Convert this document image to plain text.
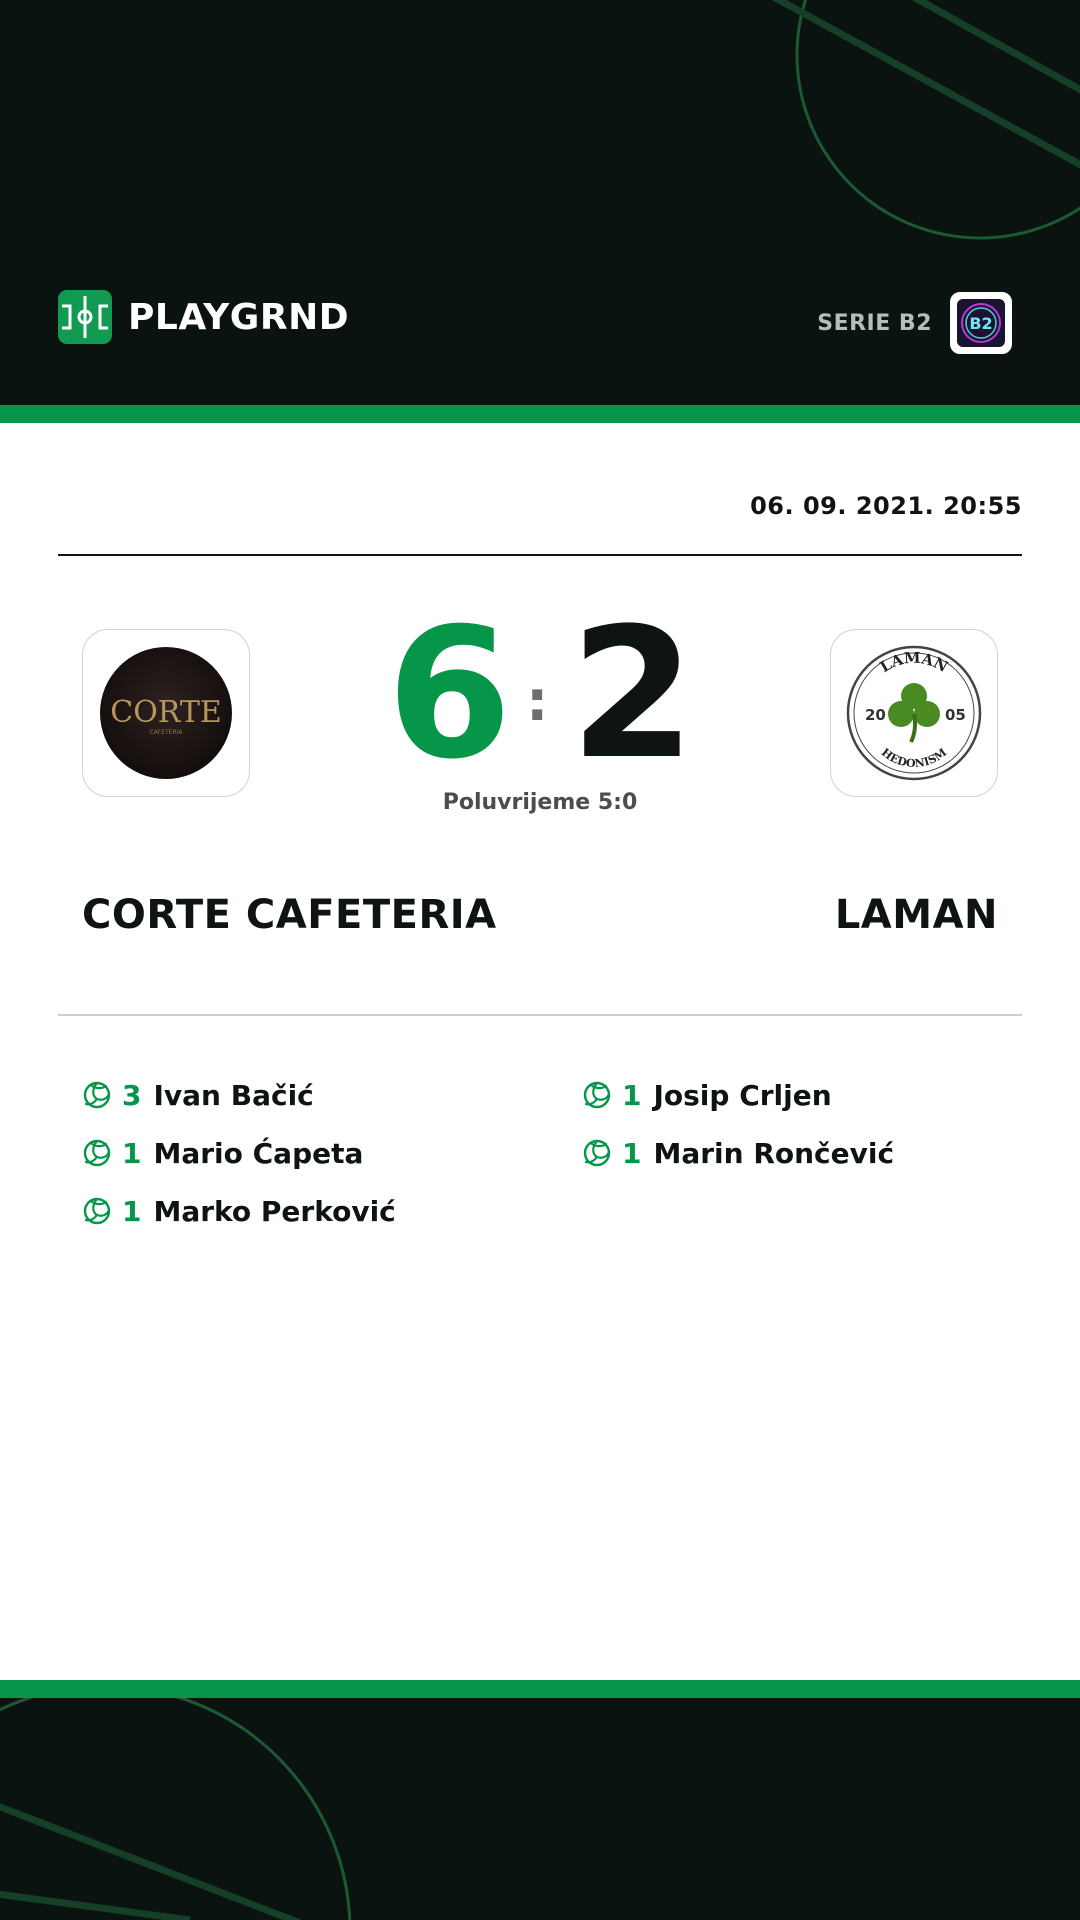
PLAYGRND	SERIE B2 B2
06. 09. 2021. 20:55
CORTE
CAFETERIA 6 : 2
Poluvrijeme 5:0
LAMAN
HEDONISM
20	05
CORTE CAFETERIA	LAMAN
3 Ivan Bačić
1 Mario Ćapeta
1 Marko Perković
1 Josip Crljen
1 Marin Rončević
